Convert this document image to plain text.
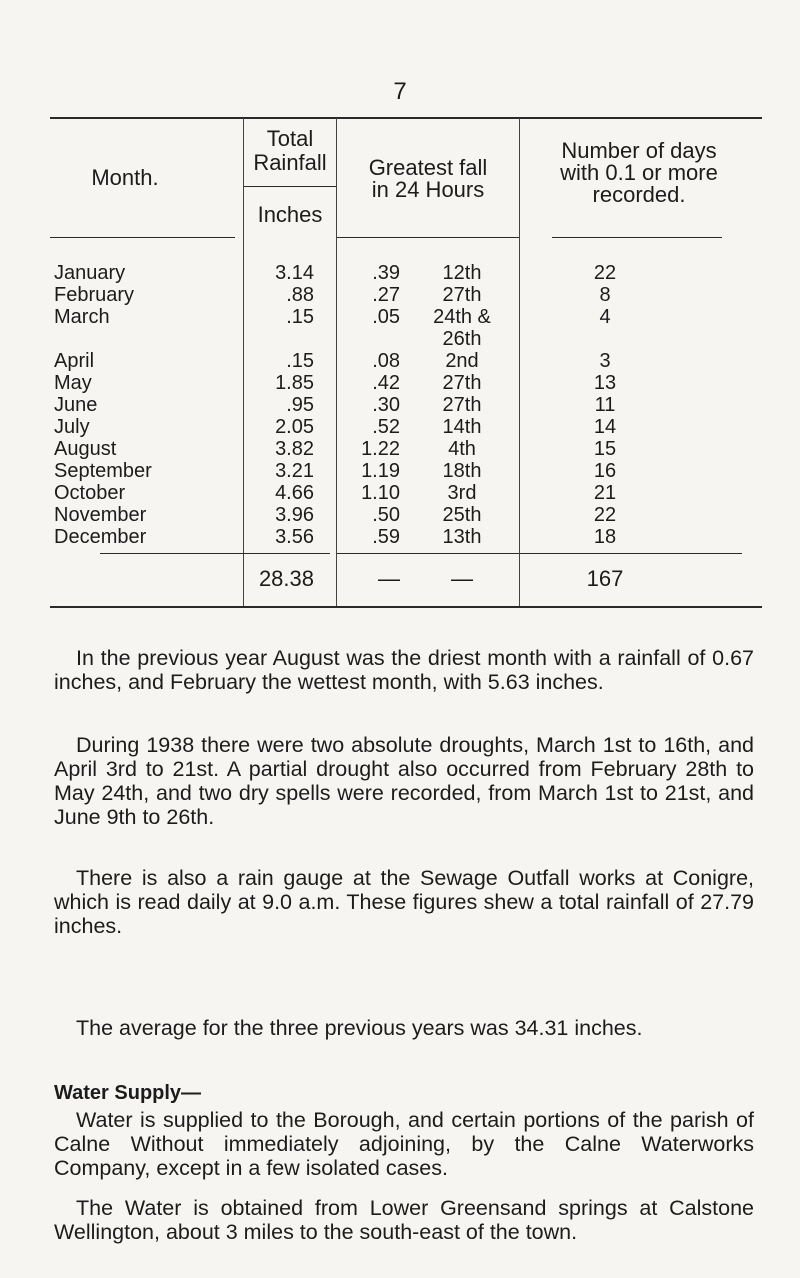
7
Month.
Total
Rainfall
Inches
Greatest fall
in 24 Hours
Number of days
with 0.1 or more
recorded.
January	3.14	.39	12th	22
February	.88	.27	27th	8
March	.15	.05	24th &	4
26th
April	.15	.08	2nd	3
May	1.85	.42	27th	13
June	.95	.30	27th	11
July	2.05	.52	14th	14
August	3.82	1.22	4th	15
September	3.21	1.19	18th	16
October	4.66	1.10	3rd	21
November	3.96	.50	25th	22
December	3.56	.59	13th	18
28.38	—	—	167

In the previous year August was the driest month with a rainfall of 0.67 inches, and February the wettest month, with 5.63 inches.

During 1938 there were two absolute droughts, March 1st to 16th, and April 3rd to 21st. A partial drought also occurred from February 28th to May 24th, and two dry spells were recorded, from March 1st to 21st, and June 9th to 26th.

There is also a rain gauge at the Sewage Outfall works at Conigre, which is read daily at 9.0 a.m. These figures shew a total rainfall of 27.79 inches.

The average for the three previous years was 34.31 inches.

Water Supply—

Water is supplied to the Borough, and certain portions of the parish of Calne Without immediately adjoining, by the Calne Waterworks Company, except in a few isolated cases.

The Water is obtained from Lower Greensand springs at Calstone Wellington, about 3 miles to the south-east of the town.
